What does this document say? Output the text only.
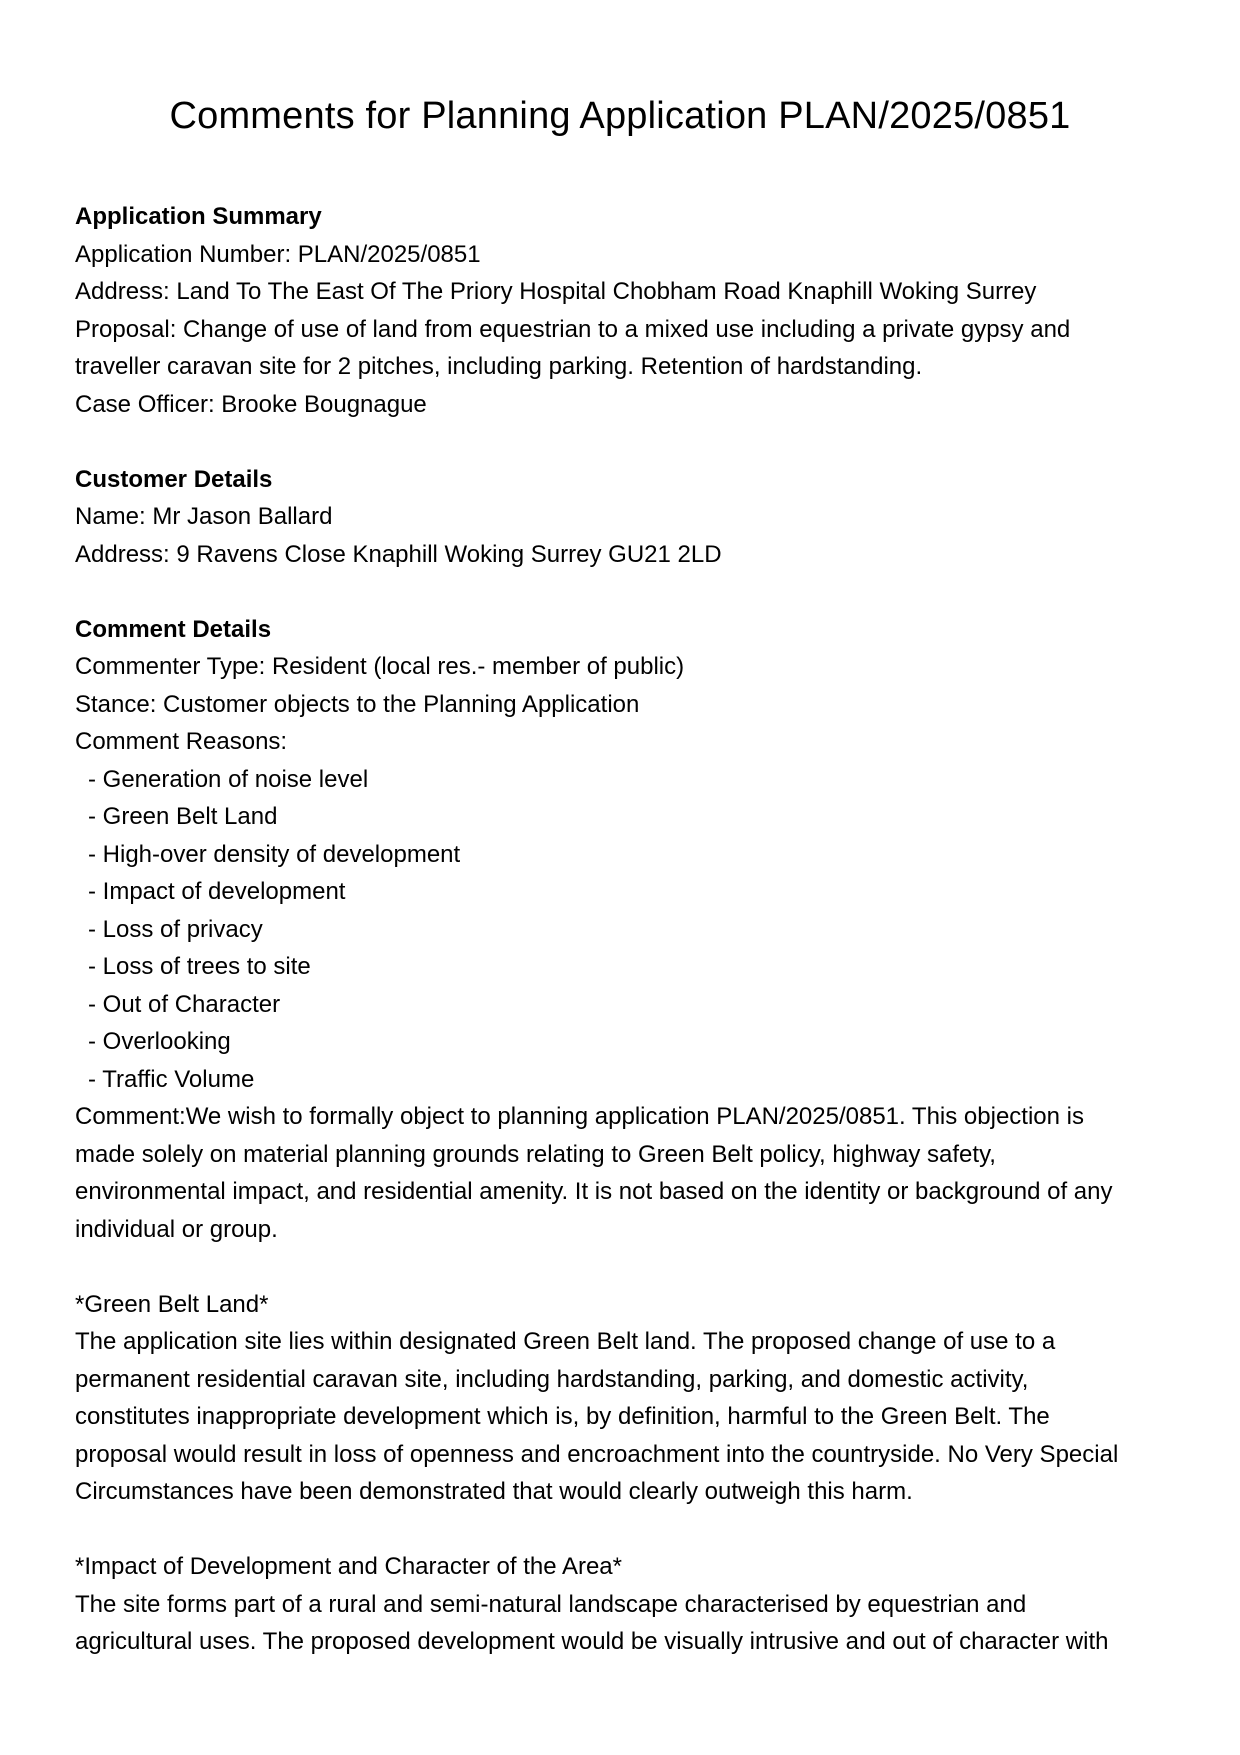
Comments for Planning Application PLAN/2025/0851
Application Summary
Application Number: PLAN/2025/0851
Address: Land To The East Of The Priory Hospital Chobham Road Knaphill Woking Surrey
Proposal: Change of use of land from equestrian to a mixed use including a private gypsy and
traveller caravan site for 2 pitches, including parking. Retention of hardstanding.
Case Officer: Brooke Bougnague
Customer Details
Name: Mr Jason Ballard
Address: 9 Ravens Close Knaphill Woking Surrey GU21 2LD
Comment Details
Commenter Type: Resident (local res.- member of public)
Stance: Customer objects to the Planning Application
Comment Reasons:
- Generation of noise level
- Green Belt Land
- High-over density of development
- Impact of development
- Loss of privacy
- Loss of trees to site
- Out of Character
- Overlooking
- Traffic Volume
Comment:We wish to formally object to planning application PLAN/2025/0851. This objection is
made solely on material planning grounds relating to Green Belt policy, highway safety,
environmental impact, and residential amenity. It is not based on the identity or background of any
individual or group.
*Green Belt Land*
The application site lies within designated Green Belt land. The proposed change of use to a
permanent residential caravan site, including hardstanding, parking, and domestic activity,
constitutes inappropriate development which is, by definition, harmful to the Green Belt. The
proposal would result in loss of openness and encroachment into the countryside. No Very Special
Circumstances have been demonstrated that would clearly outweigh this harm.
*Impact of Development and Character of the Area*
The site forms part of a rural and semi-natural landscape characterised by equestrian and
agricultural uses. The proposed development would be visually intrusive and out of character with
